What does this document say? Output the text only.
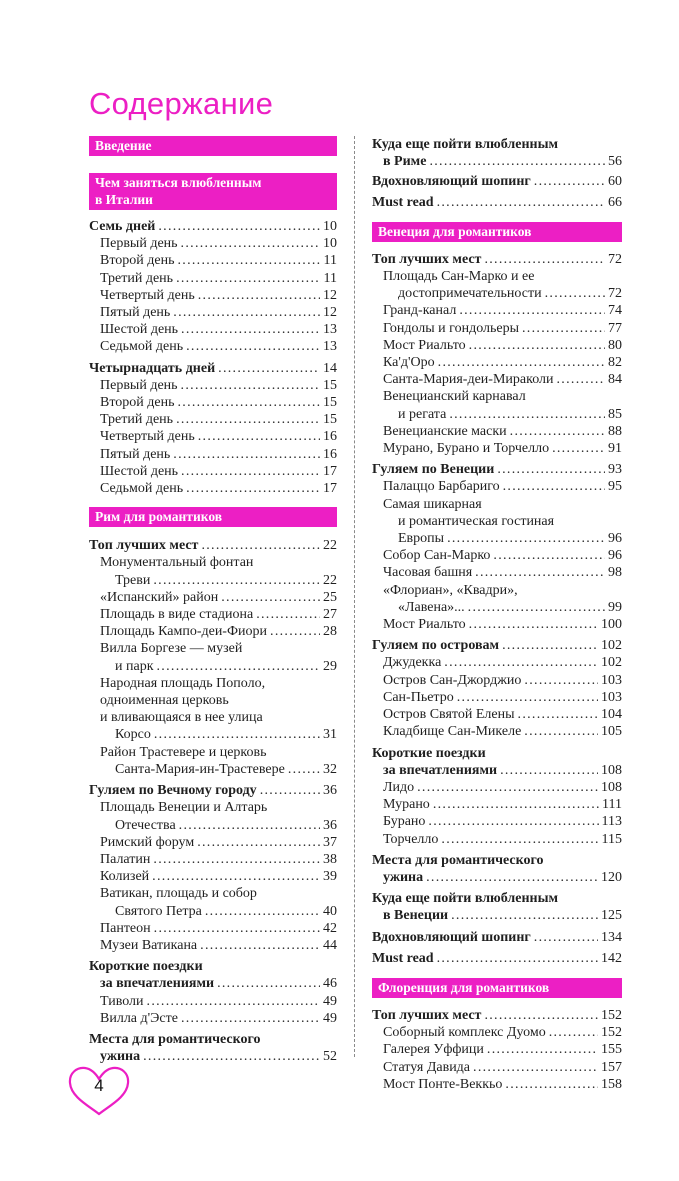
Содержание
Введение
Чем заняться влюбленным
в Италии
Семь дней .....	10
Первый день .....	10
Второй день .....	11
Третий день .....	11
Четвертый день .....	12
Пятый день .....	12
Шестой день .....	13
Седьмой день .....	13
Четырнадцать дней .....	14
Первый день .....	15
Второй день .....	15
Третий день .....	15
Четвертый день .....	16
Пятый день .....	16
Шестой день .....	17
Седьмой день .....	17
Рим для романтиков
Топ лучших мест .....	22
Монументальный фонтан
Треви .....	22
«Испанский» район .....	25
Площадь в виде стадиона .....	27
Площадь Кампо-деи-Фиори .....	28
Вилла Боргезе — музей
и парк .....	29
Народная площадь Пополо,
одноименная церковь
и вливающаяся в нее улица
Корсо .....	31
Район Трастевере и церковь
Санта-Мария-ин-Трастевере .....	32
Гуляем по Вечному городу .....	36
Площадь Венеции и Алтарь
Отечества .....	36
Римский форум .....	37
Палатин .....	38
Колизей .....	39
Ватикан, площадь и собор
Святого Петра .....	40
Пантеон .....	42
Музеи Ватикана .....	44
Короткие поездки
за впечатлениями .....	46
Тиволи .....	49
Вилла д'Эсте .....	49
Места для романтического
ужина .....	52
Куда еще пойти влюбленным
в Риме .....	56
Вдохновляющий шопинг .....	60
Must read .....	66
Венеция для романтиков
Топ лучших мест .....	72
Площадь Сан-Марко и ее
достопримечательности .....	72
Гранд-канал .....	74
Гондолы и гондольеры .....	77
Мост Риальто .....	80
Ка'д'Оро .....	82
Санта-Мария-деи-Мираколи .....	84
Венецианский карнавал
и регата .....	85
Венецианские маски .....	88
Мурано, Бурано и Торчелло .....	91
Гуляем по Венеции .....	93
Палаццо Барбариго .....	95
Самая шикарная
и романтическая гостиная
Европы .....	96
Собор Сан-Марко .....	96
Часовая башня .....	98
«Флориан», «Квадри»,
«Лавена»... .....	99
Мост Риальто .....	100
Гуляем по островам .....	102
Джудекка .....	102
Остров Сан-Джорджио .....	103
Сан-Пьетро .....	103
Остров Святой Елены .....	104
Кладбище Сан-Микеле .....	105
Короткие поездки
за впечатлениями .....	108
Лидо .....	108
Мурано .....	111
Бурано .....	113
Торчелло .....	115
Места для романтического
ужина .....	120
Куда еще пойти влюбленным
в Венеции .....	125
Вдохновляющий шопинг .....	134
Must read .....	142
Флоренция для романтиков
Топ лучших мест .....	152
Соборный комплекс Дуомо .....	152
Галерея Уффици .....	155
Статуя Давида .....	157
Мост Понте-Веккьо .....	158
4
